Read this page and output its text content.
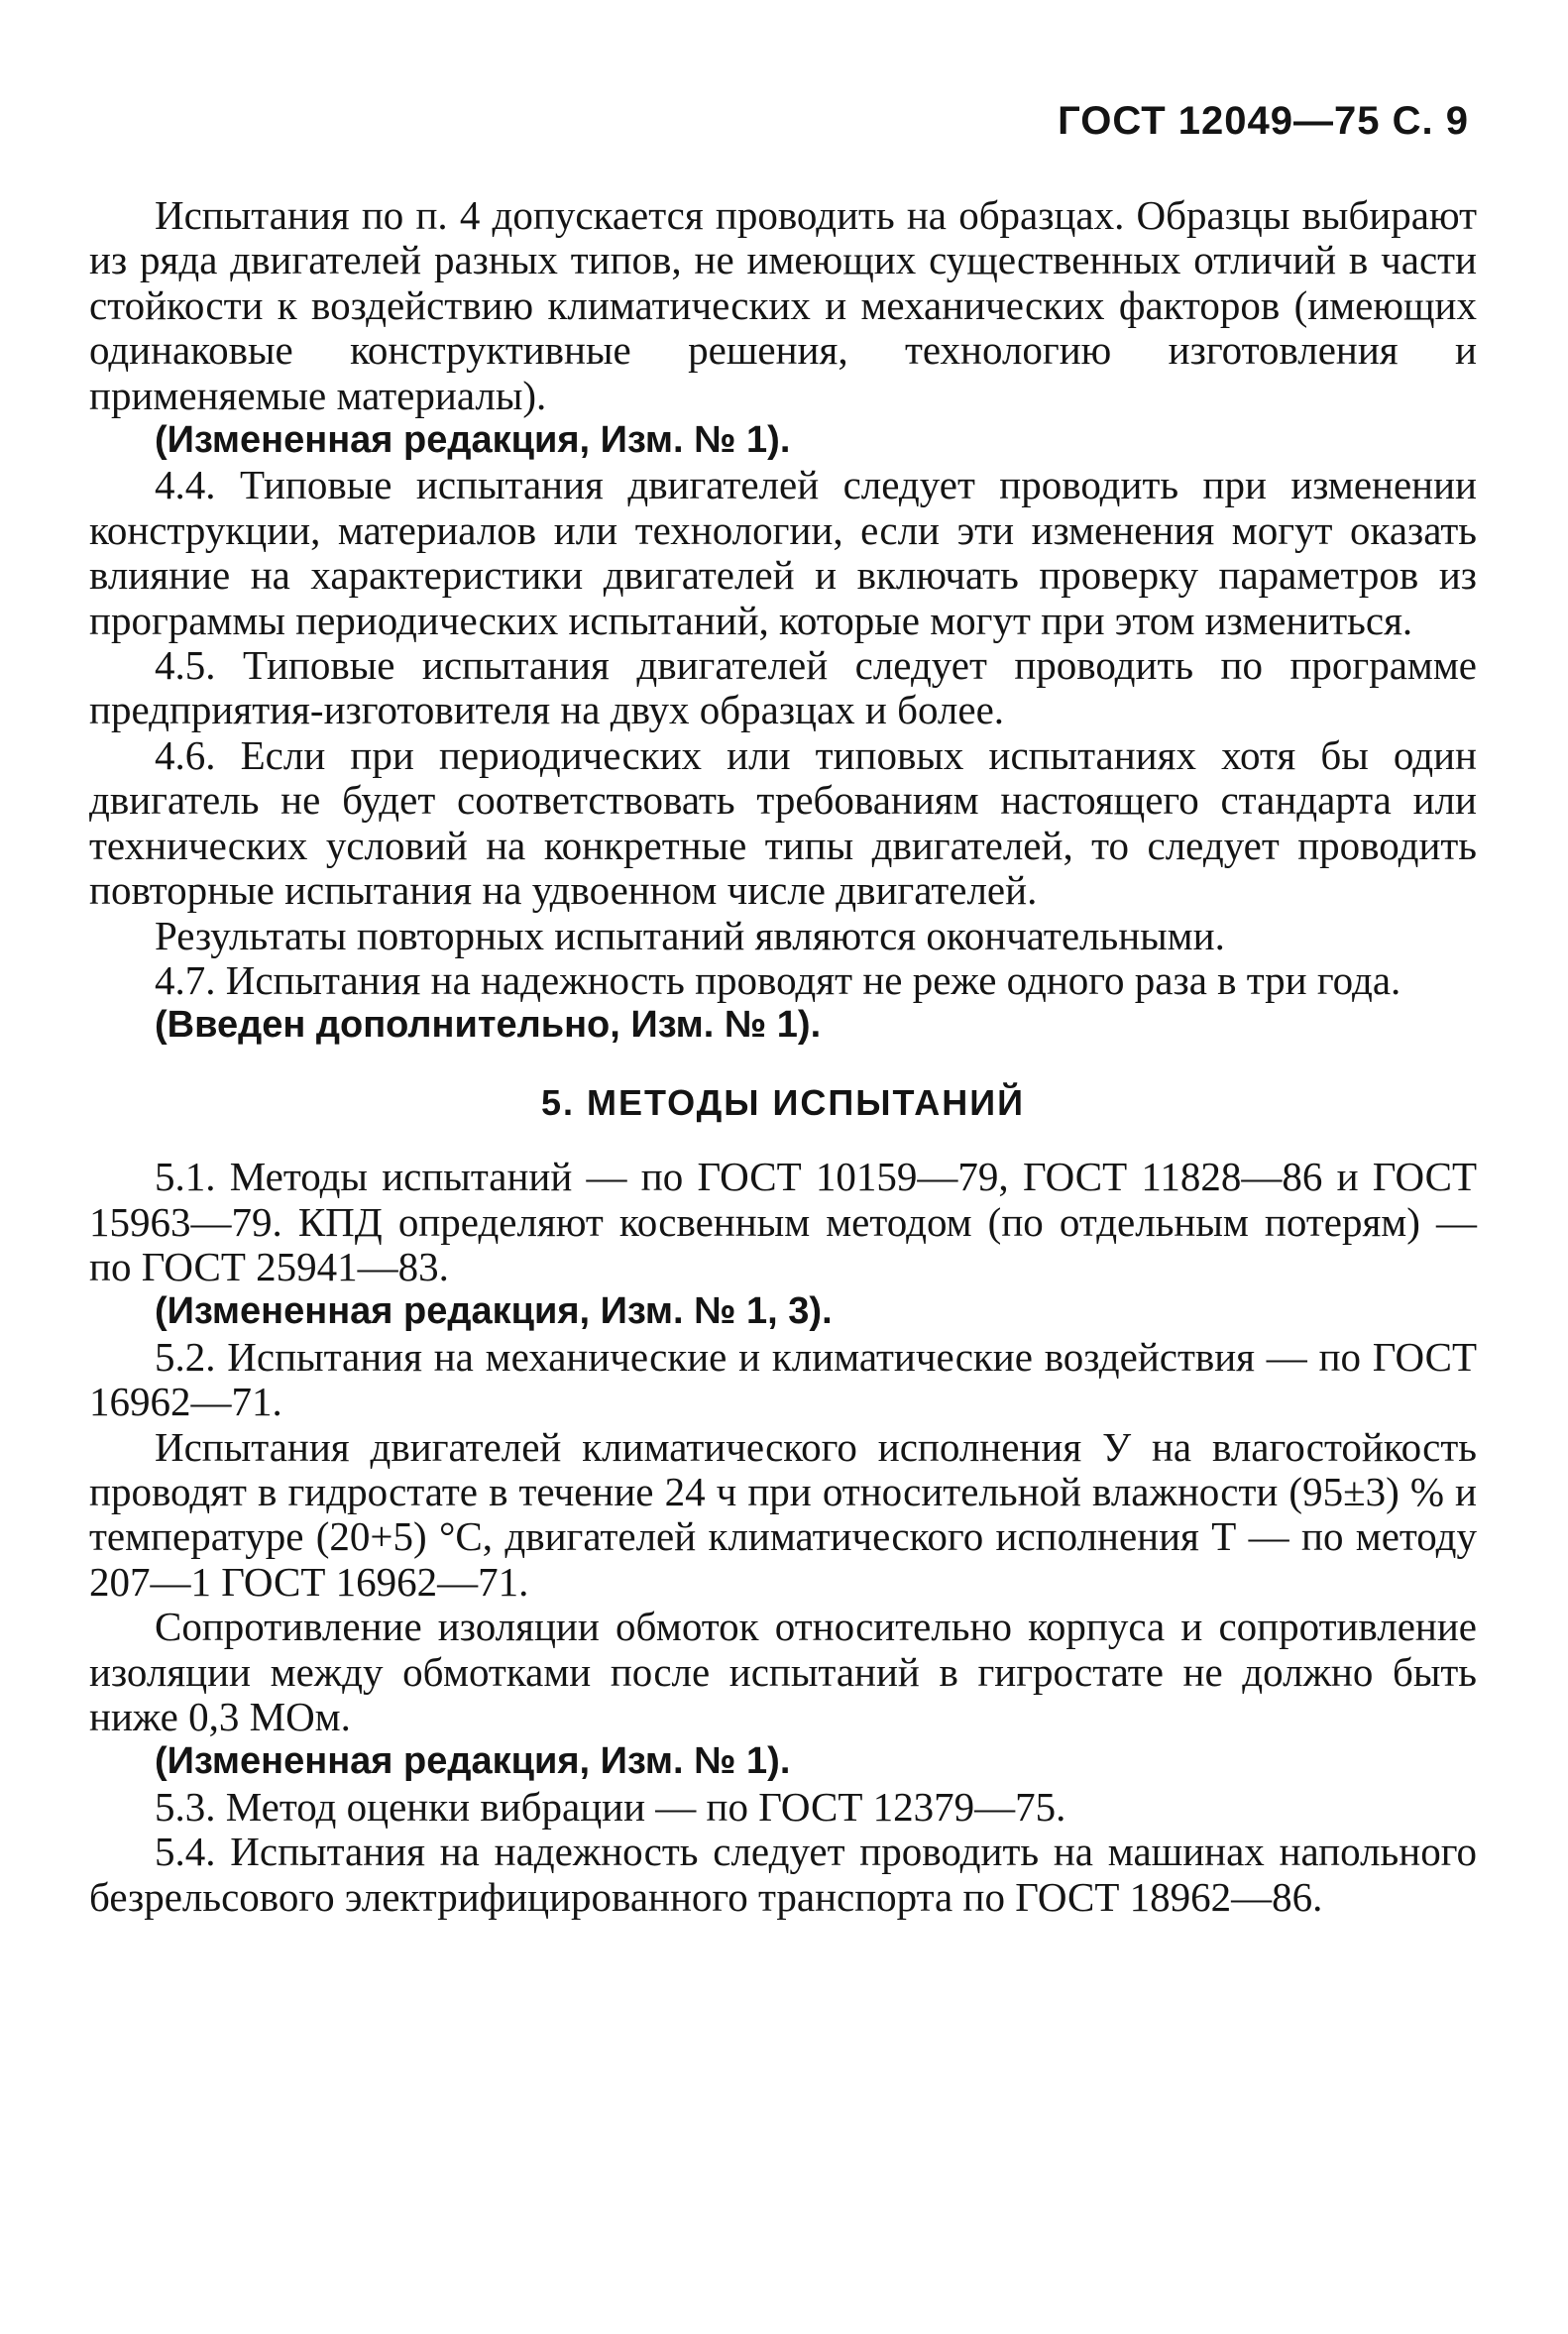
ГОСТ 12049—75 С. 9

Испытания по п. 4 допускается проводить на образцах. Образцы выбирают из ряда двигателей разных типов, не имеющих существенных отличий в части стойкости к воздействию климатических и механических факторов (имеющих одинаковые конструктивные решения, технологию изготовления и применяемые материалы).

(Измененная редакция, Изм. № 1).

4.4. Типовые испытания двигателей следует проводить при изменении конструкции, материалов или технологии, если эти изменения могут оказать влияние на характеристики двигателей и включать проверку параметров из программы периодических испытаний, которые могут при этом измениться.

4.5. Типовые испытания двигателей следует проводить по программе предприятия-изготовителя на двух образцах и более.

4.6. Если при периодических или типовых испытаниях хотя бы один двигатель не будет соответствовать требованиям настоящего стандарта или технических условий на конкретные типы двигателей, то следует проводить повторные испытания на удвоенном числе двигателей.

Результаты повторных испытаний являются окончательными.

4.7. Испытания на надежность проводят не реже одного раза в три года.

(Введен дополнительно, Изм. № 1).

5. МЕТОДЫ ИСПЫТАНИЙ

5.1. Методы испытаний — по ГОСТ 10159—79, ГОСТ 11828—86 и ГОСТ 15963—79. КПД определяют косвенным методом (по отдельным потерям) — по ГОСТ 25941—83.

(Измененная редакция, Изм. № 1, 3).

5.2. Испытания на механические и климатические воздействия — по ГОСТ 16962—71.

Испытания двигателей климатического исполнения У на влагостойкость проводят в гидростате в течение 24 ч при относительной влажности (95±3) % и температуре (20+5) °С, двигателей климатического исполнения Т — по методу 207—1 ГОСТ 16962—71.

Сопротивление изоляции обмоток относительно корпуса и сопротивление изоляции между обмотками после испытаний в гигростате не должно быть ниже 0,3 МОм.

(Измененная редакция, Изм. № 1).

5.3. Метод оценки вибрации — по ГОСТ 12379—75.

5.4. Испытания на надежность следует проводить на машинах напольного безрельсового электрифицированного транспорта по ГОСТ 18962—86.
